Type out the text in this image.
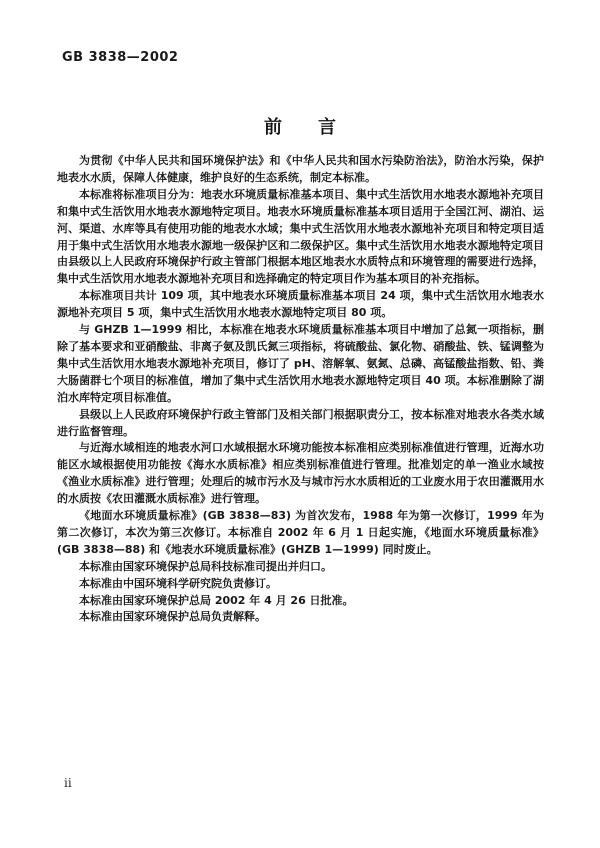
GB 3838—2002
前　　言

为贯彻《中华人民共和国环境保护法》和《中华人民共和国水污染防治法》，防治水污染，保护地表水水质，保障人体健康，维护良好的生态系统，制定本标准。

本标准将标准项目分为：地表水环境质量标准基本项目、集中式生活饮用水地表水源地补充项目和集中式生活饮用水地表水源地特定项目。地表水环境质量标准基本项目适用于全国江河、湖泊、运河、渠道、水库等具有使用功能的地表水水域；集中式生活饮用水地表水源地补充项目和特定项目适用于集中式生活饮用水地表水源地一级保护区和二级保护区。集中式生活饮用水地表水源地特定项目由县级以上人民政府环境保护行政主管部门根据本地区地表水水质特点和环境管理的需要进行选择，集中式生活饮用水地表水源地补充项目和选择确定的特定项目作为基本项目的补充指标。

本标准项目共计 109 项，其中地表水环境质量标准基本项目 24 项，集中式生活饮用水地表水源地补充项目 5 项，集中式生活饮用水地表水源地特定项目 80 项。

与 GHZB 1—1999 相比，本标准在地表水环境质量标准基本项目中增加了总氮一项指标，删除了基本要求和亚硝酸盐、非离子氨及凯氏氮三项指标，将硫酸盐、氯化物、硝酸盐、铁、锰调整为集中式生活饮用水地表水源地补充项目，修订了 pH、溶解氧、氨氮、总磷、高锰酸盐指数、铅、粪大肠菌群七个项目的标准值，增加了集中式生活饮用水地表水源地特定项目 40 项。本标准删除了湖泊水库特定项目标准值。

县级以上人民政府环境保护行政主管部门及相关部门根据职责分工，按本标准对地表水各类水域进行监督管理。

与近海水域相连的地表水河口水域根据水环境功能按本标准相应类别标准值进行管理，近海水功能区水域根据使用功能按《海水水质标准》相应类别标准值进行管理。批准划定的单一渔业水域按《渔业水质标准》进行管理；处理后的城市污水及与城市污水水质相近的工业废水用于农田灌溉用水的水质按《农田灌溉水质标准》进行管理。

《地面水环境质量标准》(GB 3838—83) 为首次发布，1988 年为第一次修订，1999 年为第二次修订，本次为第三次修订。本标准自 2002 年 6 月 1 日起实施，《地面水环境质量标准》(GB 3838—88) 和《地表水环境质量标准》(GHZB 1—1999) 同时废止。

本标准由国家环境保护总局科技标准司提出并归口。

本标准由中国环境科学研究院负责修订。

本标准由国家环境保护总局 2002 年 4 月 26 日批准。

本标准由国家环境保护总局负责解释。

ii
